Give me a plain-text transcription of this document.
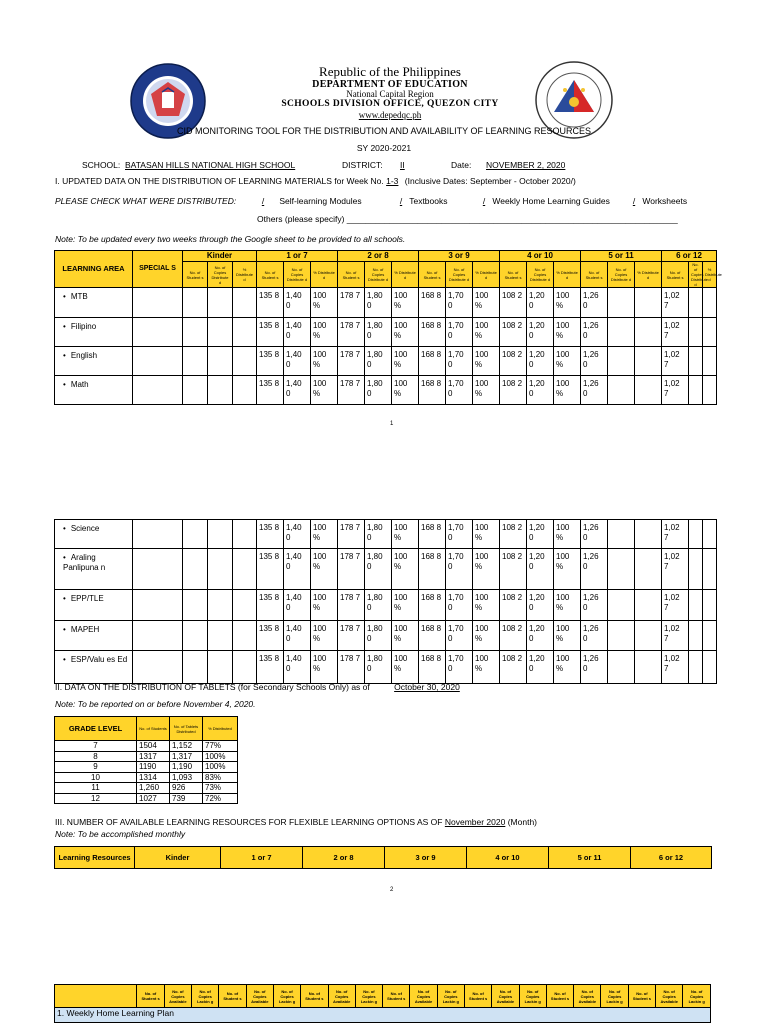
Republic of the Philippines
DEPARTMENT OF EDUCATION
National Capital Region
SCHOOLS DIVISION OFFICE, QUEZON CITY
www.depedqc.ph
CID MONITORING TOOL FOR THE DISTRIBUTION AND AVAILABILITY OF LEARNING RESOURCES
SY 2020-2021
SCHOOL: BATASAN HILLS NATIONAL HIGH SCHOOL	DISTRICT: II	Date: NOVEMBER 2, 2020
I. UPDATED DATA ON THE DISTRIBUTION OF LEARNING MATERIALS for Week No. 1-3 (Inclusive Dates: September - October 2020/)
PLEASE CHECK WHAT WERE DISTRIBUTED:	/ Self-learning Modules	/ Textbooks	/ Weekly Home Learning Guides	/ Worksheets
Others (please specify) ______________________________________________________________________
Note: To be updated every two weeks through the Google sheet to be provided to all schools.
LEARNING AREA	SPECIAL S	Kinder			1 or 7			2 or 8			3 or 9			4 or 10			5 or 11			6 or 12		
		No. of Student s	No. of Copies Distribute d	% Distribute d	No. of Student s	No. of Copies Distribute d	% Distribute d	No. of Student s	No. of Copies Distribute d	% Distribute d	No. of Student s	No. of Copies Distribute d	% Distribute d	No. of Student s	No. of Copies Distribute d	% Distribute d	No. of Student s	No. of Copies Distribute d	% Distribute d	No. of Student s	No. of Copies Distribute d	% Distribute d
• MTB					135 8	1,40 0	100 %	178 7	1,80 0	100 %	168 8	1,70 0	100 %	108 2	1,20 0	100 %	1,26 0			1,02 7		
• Filipino					135 8	1,40 0	100 %	178 7	1,80 0	100 %	168 8	1,70 0	100 %	108 2	1,20 0	100 %	1,26 0			1,02 7		
• English					135 8	1,40 0	100 %	178 7	1,80 0	100 %	168 8	1,70 0	100 %	108 2	1,20 0	100 %	1,26 0			1,02 7		
• Math					135 8	1,40 0	100 %	178 7	1,80 0	100 %	168 8	1,70 0	100 %	108 2	1,20 0	100 %	1,26 0			1,02 7		
1
• Science					135 8	1,40 0	100 %	178 7	1,80 0	100 %	168 8	1,70 0	100 %	108 2	1,20 0	100 %	1,26 0			1,02 7		
• Araling Panlipuna n					135 8	1,40 0	100 %	178 7	1,80 0	100 %	168 8	1,70 0	100 %	108 2	1,20 0	100 %	1,26 0			1,02 7		
• EPP/TLE					135 8	1,40 0	100 %	178 7	1,80 0	100 %	168 8	1,70 0	100 %	108 2	1,20 0	100 %	1,26 0			1,02 7		
• MAPEH					135 8	1,40 0	100 %	178 7	1,80 0	100 %	168 8	1,70 0	100 %	108 2	1,20 0	100 %	1,26 0			1,02 7		
• ESP/Valu es Ed					135 8	1,40 0	100 %	178 7	1,80 0	100 %	168 8	1,70 0	100 %	108 2	1,20 0	100 %	1,26 0			1,02 7		
II. DATA ON THE DISTRIBUTION OF TABLETS (for Secondary Schools Only) as of	October 30, 2020
Note: To be reported on or before November 4, 2020.
GRADE LEVEL	No. of Students	No. of Tablets Distributed	% Distributed
7	1504	1,152	77%
8	1317	1,317	100%
9	1190	1,190	100%
10	1314	1,093	83%
11	1,260	926	73%
12	1027	739	72%
III. NUMBER OF AVAILABLE LEARNING RESOURCES FOR FLEXIBLE LEARNING OPTIONS AS OF November 2020 (Month)
Note: To be accomplished monthly
Learning Resources	Kinder	1 or 7	2 or 8	3 or 9	4 or 10	5 or 11	6 or 12
2
	No. of Student s	No. of Copies Available	No. of Copies Lackin g	No. of Student s	No. of Copies Available	No. of Copies Lackin g	No. of Student s	No. of Copies Available	No. of Copies Lackin g	No. of Student s	No. of Copies Available	No. of Copies Lackin g	No. of Student s	No. of Copies Available	No. of Copies Lackin g	No. of Student s	No. of Copies Available	No. of Copies Lackin g	No. of Student s	No. of Copies Available	No. of Copies Lackin g
1. Weekly Home Learning Plan
